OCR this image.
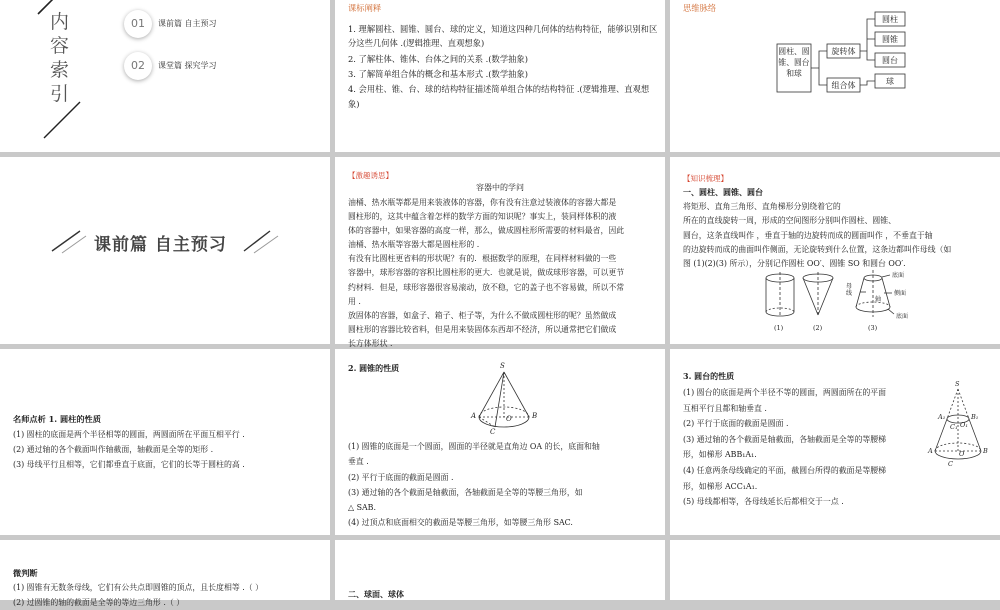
内
容
索
引
01	课前篇 自主预习
02	课堂篇 探究学习
课标阐释
1. 理解圆柱、圆锥、圆台、球的定义，知道这四种几何体的结构特征，能够识别和区分这些几何体 .(逻辑推理、直观想象)
2. 了解柱体、锥体、台体之间的关系 .(数学抽象)
3. 了解简单组合体的概念和基本形式 .(数学抽象)
4. 会用柱、锥、台、球的结构特征描述简单组合体的结构特征 .(逻辑推理、直观想象)
思维脉络
圆柱、圆锥、圆台和球
旋转体
组合体
圆柱
圆锥
圆台
球
课前篇 自主预习
【激趣诱思】
容器中的学问
油桶、热水瓶等都是用来装液体的容器，你有没有注意过装液体的容器大都是
圆柱形的，这其中蕴含着怎样的数学方面的知识呢？事实上，装同样体积的液
体的容器中，如果容器的高度一样，那么，做成圆柱形所需要的材料最省，因此
油桶、热水瓶等容器大都是圆柱形的 .
有没有比圆柱更省料的形状呢？有的．根据数学的原理，在同样材料做的一些
容器中，球形容器的容积比圆柱形的更大．也就是说，做成球形容器，可以更节
约材料．但是，球形容器很容易滚动，放不稳，它的盖子也不容易做，所以不常
用 .
放固体的容器，如盒子、箱子、柜子等，为什么不做成圆柱形的呢？虽然做成
圆柱形的容器比较省料，但是用来装固体东西却不经济，所以通常把它们做成
长方体形状 .
【知识梳理】
一、圆柱、圆锥、圆台
将矩形、直角三角形、直角梯形分别绕着它的
所在的直线旋转一周，形成的空间图形分别叫作圆柱、圆锥、
圆台，这条直线叫作 ，垂直于轴的边旋转而成的圆面叫作 ，不垂直于轴
的边旋转而成的曲面叫作侧面，无论旋转到什么位置，这条边都叫作母线（如
图 (1)(2)(3) 所示），分别记作圆柱 OO′、圆锥 SO 和圆台 OO′.
底面
侧面
母线
轴
底面
(1)	(2)	(3)
名师点析 1. 圆柱的性质
(1) 圆柱的底面是两个半径相等的圆面，两圆面所在平面互相平行 .
(2) 通过轴的各个截面叫作轴截面，轴截面是全等的矩形 .
(3) 母线平行且相等，它们都垂直于底面，它们的长等于圆柱的高 .
2. 圆锥的性质	S
A	B
O
C
(1) 圆锥的底面是一个圆面，圆面的半径就是直角边 OA 的长，底面和轴
垂直 .
(2) 平行于底面的截面是圆面 .
(3) 通过轴的各个截面是轴截面，各轴截面是全等的等腰三角形，如
△ SAB.
(4) 过顶点和底面相交的截面是等腰三角形，如等腰三角形 SAC.
3. 圆台的性质
(1) 圆台的底面是两个半径不等的圆面，两圆面所在的平面
互相平行且都和轴垂直 .
(2) 平行于底面的截面是圆面 .
(3) 通过轴的各个截面是轴截面，各轴截面是全等的等腰梯
形，如梯形 ABB₁A₁.
(4) 任意两条母线确定的平面，截圆台所得的截面是等腰梯
形，如梯形 ACC₁A₁.
(5) 母线都相等，各母线延长后都相交于一点 .
S
A₁	B₁
O₁
A	O	B
C
C₁
微判断
(1) 圆锥有无数条母线，它们有公共点即圆锥的顶点，且长度相等 .（ ）
(2) 过圆锥的轴的截面是全等的等边三角形 .（ ）
二、球面、球体
